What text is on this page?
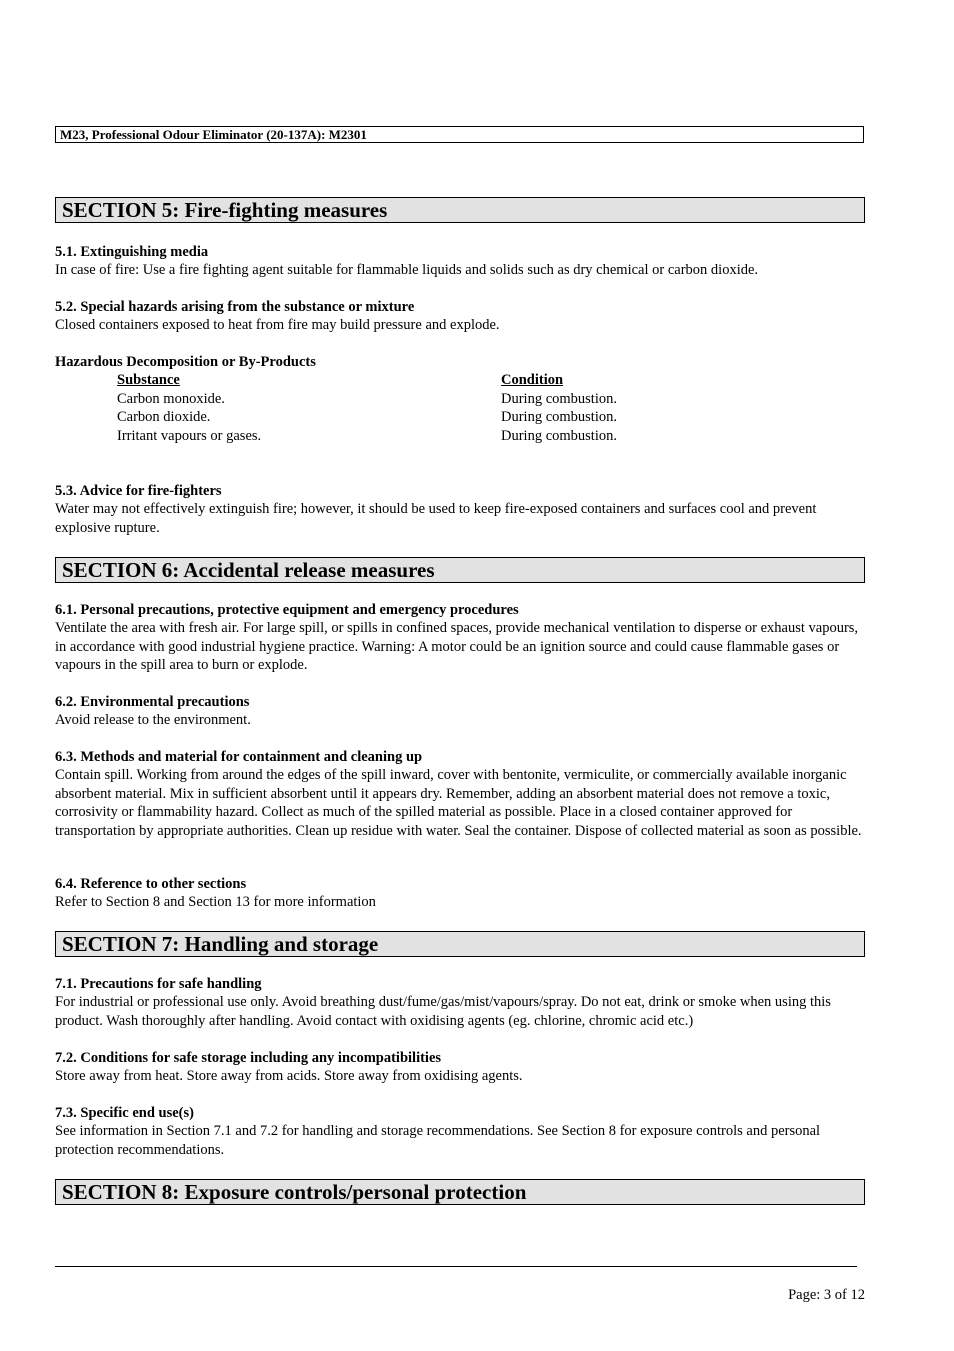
M23, Professional Odour Eliminator (20-137A): M2301
SECTION 5: Fire-fighting measures
5.1. Extinguishing media
In case of fire: Use a fire fighting agent suitable for flammable liquids and solids such as dry chemical or carbon dioxide.
5.2. Special hazards arising from the substance or mixture
Closed containers exposed to heat from fire may build pressure and explode.
Hazardous Decomposition or By-Products
Substance	Condition
Carbon monoxide.	During combustion.
Carbon dioxide.	During combustion.
Irritant vapours or gases.	During combustion.
5.3. Advice for fire-fighters
Water may not effectively extinguish fire; however, it should be used to keep fire-exposed containers and surfaces cool and prevent explosive rupture.
SECTION 6: Accidental release measures
6.1. Personal precautions, protective equipment and emergency procedures
Ventilate the area with fresh air. For large spill, or spills in confined spaces, provide mechanical ventilation to disperse or exhaust vapours, in accordance with good industrial hygiene practice. Warning: A motor could be an ignition source and could cause flammable gases or vapours in the spill area to burn or explode.
6.2. Environmental precautions
Avoid release to the environment.
6.3. Methods and material for containment and cleaning up
Contain spill. Working from around the edges of the spill inward, cover with bentonite, vermiculite, or commercially available inorganic absorbent material. Mix in sufficient absorbent until it appears dry. Remember, adding an absorbent material does not remove a toxic, corrosivity or flammability hazard. Collect as much of the spilled material as possible. Place in a closed container approved for transportation by appropriate authorities. Clean up residue with water. Seal the container. Dispose of collected material as soon as possible.
6.4. Reference to other sections
Refer to Section 8 and Section 13 for more information
SECTION 7: Handling and storage
7.1. Precautions for safe handling
For industrial or professional use only. Avoid breathing dust/fume/gas/mist/vapours/spray. Do not eat, drink or smoke when using this product. Wash thoroughly after handling. Avoid contact with oxidising agents (eg. chlorine, chromic acid etc.)
7.2. Conditions for safe storage including any incompatibilities
Store away from heat. Store away from acids. Store away from oxidising agents.
7.3. Specific end use(s)
See information in Section 7.1 and 7.2 for handling and storage recommendations. See Section 8 for exposure controls and personal protection recommendations.
SECTION 8: Exposure controls/personal protection
Page: 3 of 12
